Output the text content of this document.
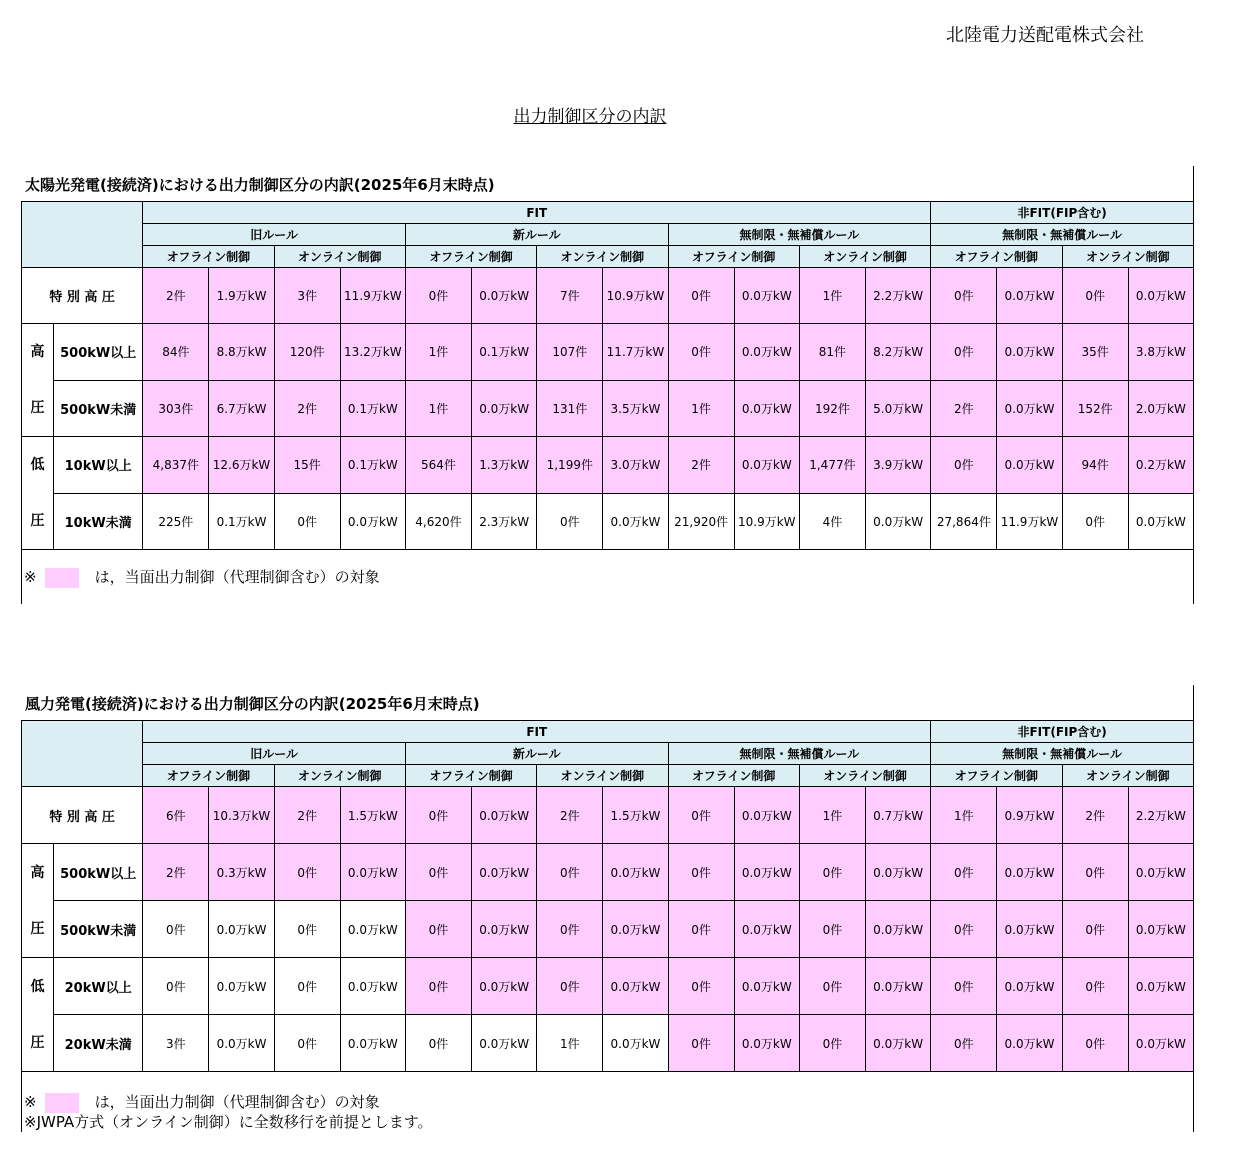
北陸電力送配電株式会社
出力制御区分の内訳
太陽光発電(接続済)における出力制御区分の内訳(2025年6月末時点)
		FIT												非FIT(FIP含む)			
		旧ルール				新ルール				無制限・無補償ルール				無制限・無補償ルール			
		オフライン制御		オンライン制御		オフライン制御		オンライン制御		オフライン制御		オンライン制御		オフライン制御		オンライン制御	
特 別 高 圧		2件	1.9万kW	3件	11.9万kW	0件	0.0万kW	7件	10.9万kW	0件	0.0万kW	1件	2.2万kW	0件	0.0万kW	0件	0.0万kW
高
圧	500kW以上	84件	8.8万kW	120件	13.2万kW	1件	0.1万kW	107件	11.7万kW	0件	0.0万kW	81件	8.2万kW	0件	0.0万kW	35件	3.8万kW
	500kW未満	303件	6.7万kW	2件	0.1万kW	1件	0.0万kW	131件	3.5万kW	1件	0.0万kW	192件	5.0万kW	2件	0.0万kW	152件	2.0万kW
低
圧	10kW以上	4,837件	12.6万kW	15件	0.1万kW	564件	1.3万kW	1,199件	3.0万kW	2件	0.0万kW	1,477件	3.9万kW	0件	0.0万kW	94件	0.2万kW
	10kW未満	225件	0.1万kW	0件	0.0万kW	4,620件	2.3万kW	0件	0.0万kW	21,920件	10.9万kW	4件	0.0万kW	27,864件	11.9万kW	0件	0.0万kW
※	は，当面出力制御（代理制御含む）の対象
風力発電(接続済)における出力制御区分の内訳(2025年6月末時点)
		FIT												非FIT(FIP含む)			
		旧ルール				新ルール				無制限・無補償ルール				無制限・無補償ルール			
		オフライン制御		オンライン制御		オフライン制御		オンライン制御		オフライン制御		オンライン制御		オフライン制御		オンライン制御	
特 別 高 圧		6件	10.3万kW	2件	1.5万kW	0件	0.0万kW	2件	1.5万kW	0件	0.0万kW	1件	0.7万kW	1件	0.9万kW	2件	2.2万kW
高
圧	500kW以上	2件	0.3万kW	0件	0.0万kW	0件	0.0万kW	0件	0.0万kW	0件	0.0万kW	0件	0.0万kW	0件	0.0万kW	0件	0.0万kW
	500kW未満	0件	0.0万kW	0件	0.0万kW	0件	0.0万kW	0件	0.0万kW	0件	0.0万kW	0件	0.0万kW	0件	0.0万kW	0件	0.0万kW
低
圧	20kW以上	0件	0.0万kW	0件	0.0万kW	0件	0.0万kW	0件	0.0万kW	0件	0.0万kW	0件	0.0万kW	0件	0.0万kW	0件	0.0万kW
	20kW未満	3件	0.0万kW	0件	0.0万kW	0件	0.0万kW	1件	0.0万kW	0件	0.0万kW	0件	0.0万kW	0件	0.0万kW	0件	0.0万kW
※	は，当面出力制御（代理制御含む）の対象
※JWPA方式（オンライン制御）に全数移行を前提とします。
